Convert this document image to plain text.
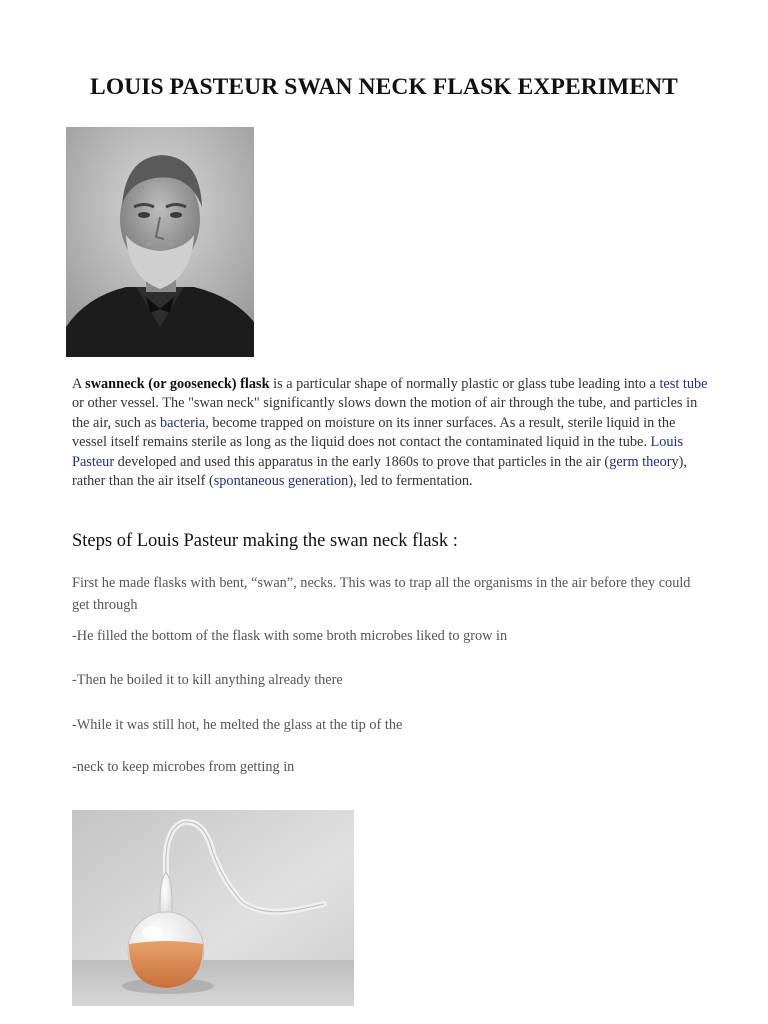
LOUIS PASTEUR SWAN NECK FLASK EXPERIMENT
A swanneck (or gooseneck) flask is a particular shape of normally plastic or glass tube leading into a test tube or other vessel. The "swan neck" significantly slows down the motion of air through the tube, and particles in the air, such as bacteria, become trapped on moisture on its inner surfaces. As a result, sterile liquid in the vessel itself remains sterile as long as the liquid does not contact the contaminated liquid in the tube. Louis Pasteur developed and used this apparatus in the early 1860s to prove that particles in the air (germ theory), rather than the air itself (spontaneous generation), led to fermentation.
Steps of Louis Pasteur making the swan neck flask :
First he made flasks with bent, “swan”, necks. This was to trap all the organisms in the air before they could get through
-He filled the bottom of the flask with some broth microbes liked to grow in
-Then he boiled it to kill anything already there
-While it was still hot, he melted the glass at the tip of the
-neck to keep microbes from getting in
